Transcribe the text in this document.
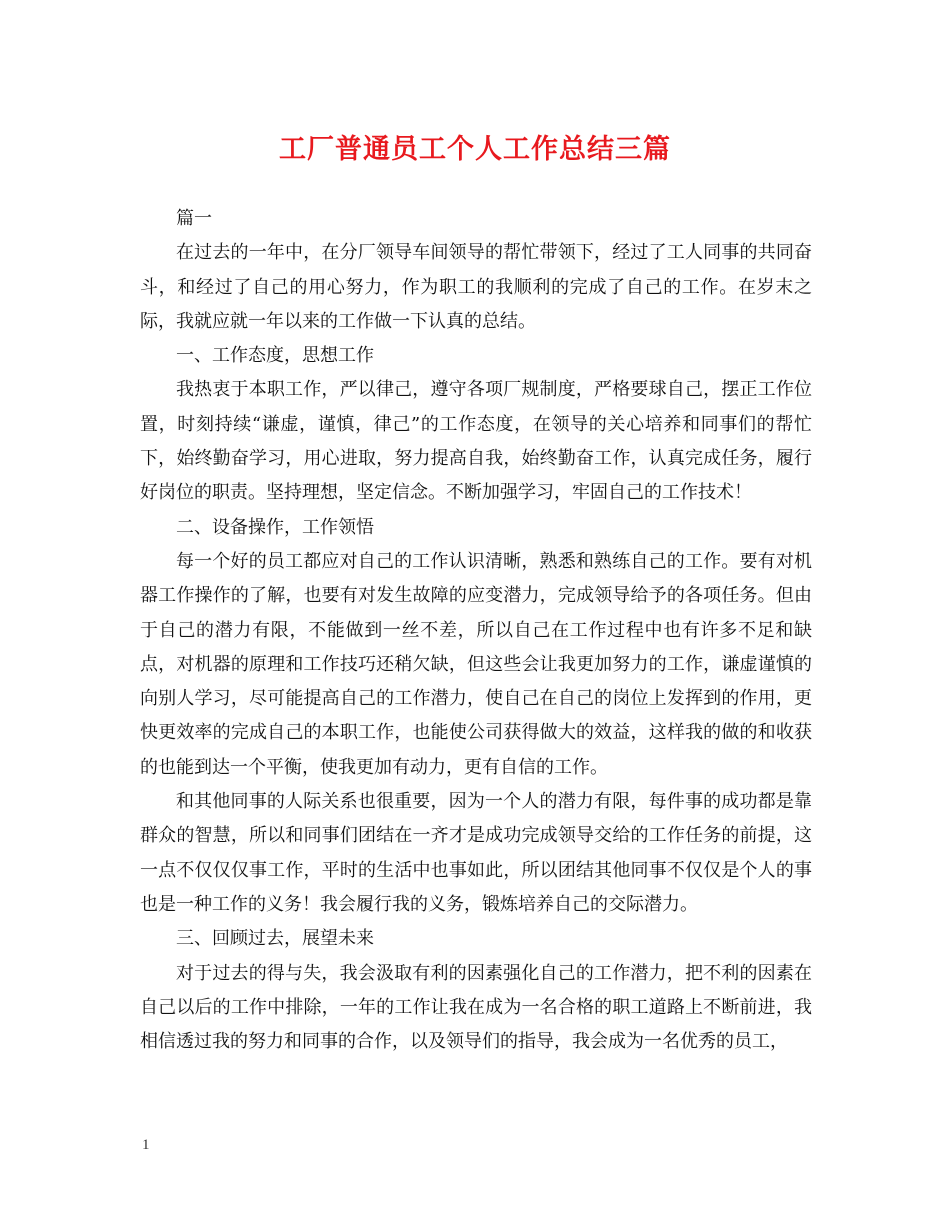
工厂普通员工个人工作总结三篇

篇一

在过去的一年中，在分厂领导车间领导的帮忙带领下，经过了工人同事的共同奋斗，和经过了自己的用心努力，作为职工的我顺利的完成了自己的工作。在岁末之际，我就应就一年以来的工作做一下认真的总结。

一、工作态度，思想工作

我热衷于本职工作，严以律己，遵守各项厂规制度，严格要球自己，摆正工作位置，时刻持续“谦虚，谨慎，律己”的工作态度，在领导的关心培养和同事们的帮忙下，始终勤奋学习，用心进取，努力提高自我，始终勤奋工作，认真完成任务，履行好岗位的职责。坚持理想，坚定信念。不断加强学习，牢固自己的工作技术！

二、设备操作，工作领悟

每一个好的员工都应对自己的工作认识清晰，熟悉和熟练自己的工作。要有对机器工作操作的了解，也要有对发生故障的应变潜力，完成领导给予的各项任务。但由于自己的潜力有限，不能做到一丝不差，所以自己在工作过程中也有许多不足和缺点，对机器的原理和工作技巧还稍欠缺，但这些会让我更加努力的工作，谦虚谨慎的向别人学习，尽可能提高自己的工作潜力，使自己在自己的岗位上发挥到的作用，更快更效率的完成自己的本职工作，也能使公司获得做大的效益，这样我的做的和收获的也能到达一个平衡，使我更加有动力，更有自信的工作。

和其他同事的人际关系也很重要，因为一个人的潜力有限，每件事的成功都是靠群众的智慧，所以和同事们团结在一齐才是成功完成领导交给的工作任务的前提，这一点不仅仅仅事工作，平时的生活中也事如此，所以团结其他同事不仅仅是个人的事也是一种工作的义务！我会履行我的义务，锻炼培养自己的交际潜力。

三、回顾过去，展望未来

对于过去的得与失，我会汲取有利的因素强化自己的工作潜力，把不利的因素在自己以后的工作中排除，一年的工作让我在成为一名合格的职工道路上不断前进，我相信透过我的努力和同事的合作，以及领导们的指导，我会成为一名优秀的员工，

1
